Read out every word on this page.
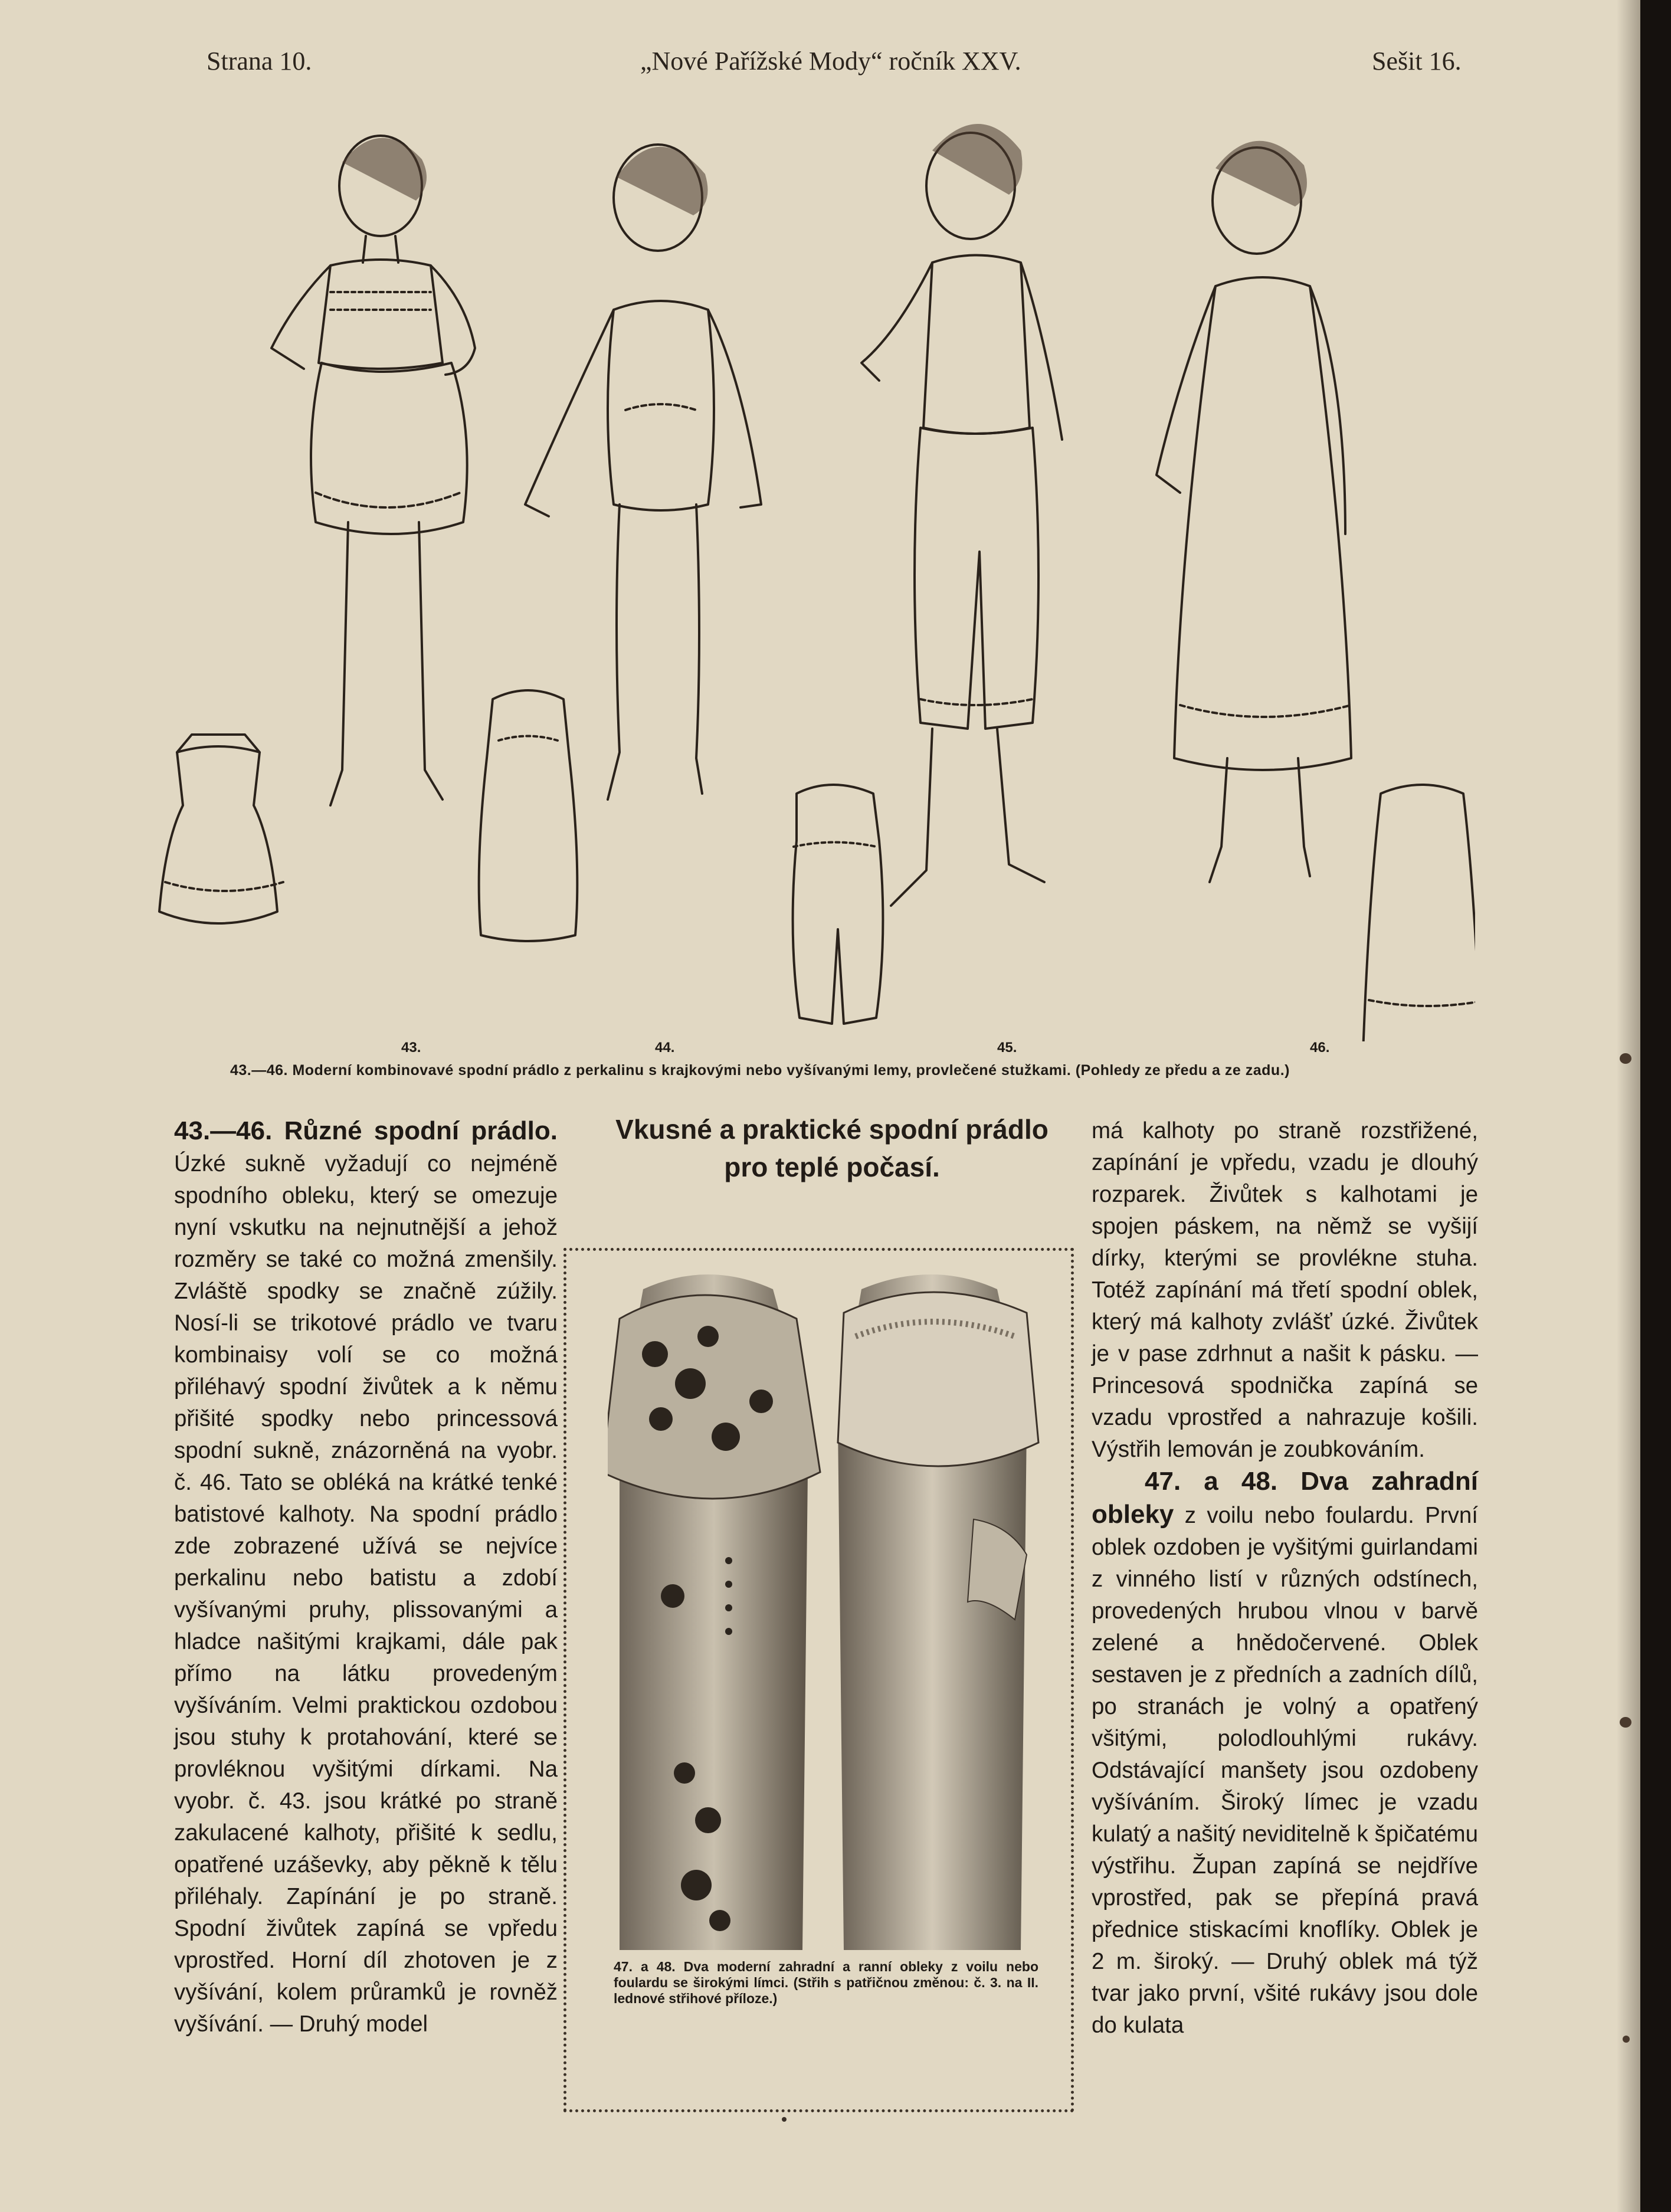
Strana 10.	„Nové Pařížské Mody“ ročník XXV.	Sešit 16.
43.	44.	45.	46.
43.—46. Moderní kombinovavé spodní prádlo z perkalinu s krajkovými nebo vyšívanými lemy, provlečené stužkami. (Pohledy ze předu a ze zadu.)
43.—46. Různé spodní prádlo. Úzké sukně vyžadují co nejméně spodního obleku, který se omezuje nyní vskutku na nejnutnější a jehož rozměry se také co možná zmenšily. Zvláště spodky se značně zúžily. Nosí-li se trikotové prádlo ve tvaru kombinaisy volí se co možná přiléhavý spodní živůtek a k němu přišité spodky nebo princessová spodní sukně, znázorněná na vyobr. č. 46. Tato se obléká na krátké tenké batistové kalhoty. Na spodní prádlo zde zobrazené užívá se nejvíce perkalinu nebo batistu a zdobí vyšívanými pruhy, plissovanými a hladce našitými krajkami, dále pak přímo na látku provedeným vyšíváním. Velmi praktickou ozdobou jsou stuhy k protahování, které se provléknou vyšitými dírkami. Na vyobr. č. 43. jsou krátké po straně zakulacené kalhoty, přišité k sedlu, opatřené uzáševky, aby pěkně k tělu přiléhaly. Zapínání je po straně. Spodní živůtek zapíná se vpředu vprostřed. Horní díl zhotoven je z vyšívání, kolem průramků je rovněž vyšívání. — Druhý model
Vkusné a praktické spodní prádlo
pro teplé počasí.
47. a 48. Dva moderní zahradní a ranní obleky z voilu nebo foulardu se širokými límci. (Střih s patřičnou změnou: č. 3. na II. lednové střihové příloze.)
má kalhoty po straně rozstřižené, zapínání je vpředu, vzadu je dlouhý rozparek. Živůtek s kalhotami je spojen páskem, na němž se vyšijí dírky, kterými se provlékne stuha. Totéž zapínání má třetí spodní oblek, který má kalhoty zvlášť úzké. Živůtek je v pase zdrhnut a našit k pásku. — Princesová spodnička zapíná se vzadu vprostřed a nahrazuje košili. Výstřih lemován je zoubkováním.
47. a 48. Dva zahradní obleky z voilu nebo foulardu. První oblek ozdoben je vyšitými guirlandami z vinného listí v různých odstínech, provedených hrubou vlnou v barvě zelené a hnědočervené. Oblek sestaven je z předních a zadních dílů, po stranách je volný a opatřený všitými, polodlouhlými rukávy. Odstávající manšety jsou ozdobeny vyšíváním. Široký límec je vzadu kulatý a našitý neviditelně k špičatému výstřihu. Župan zapíná se nejdříve vprostřed, pak se přepíná pravá přednice stiskacími knoflíky. Oblek je 2 m. široký. — Druhý oblek má týž tvar jako první, všité rukávy jsou dole do kulata
